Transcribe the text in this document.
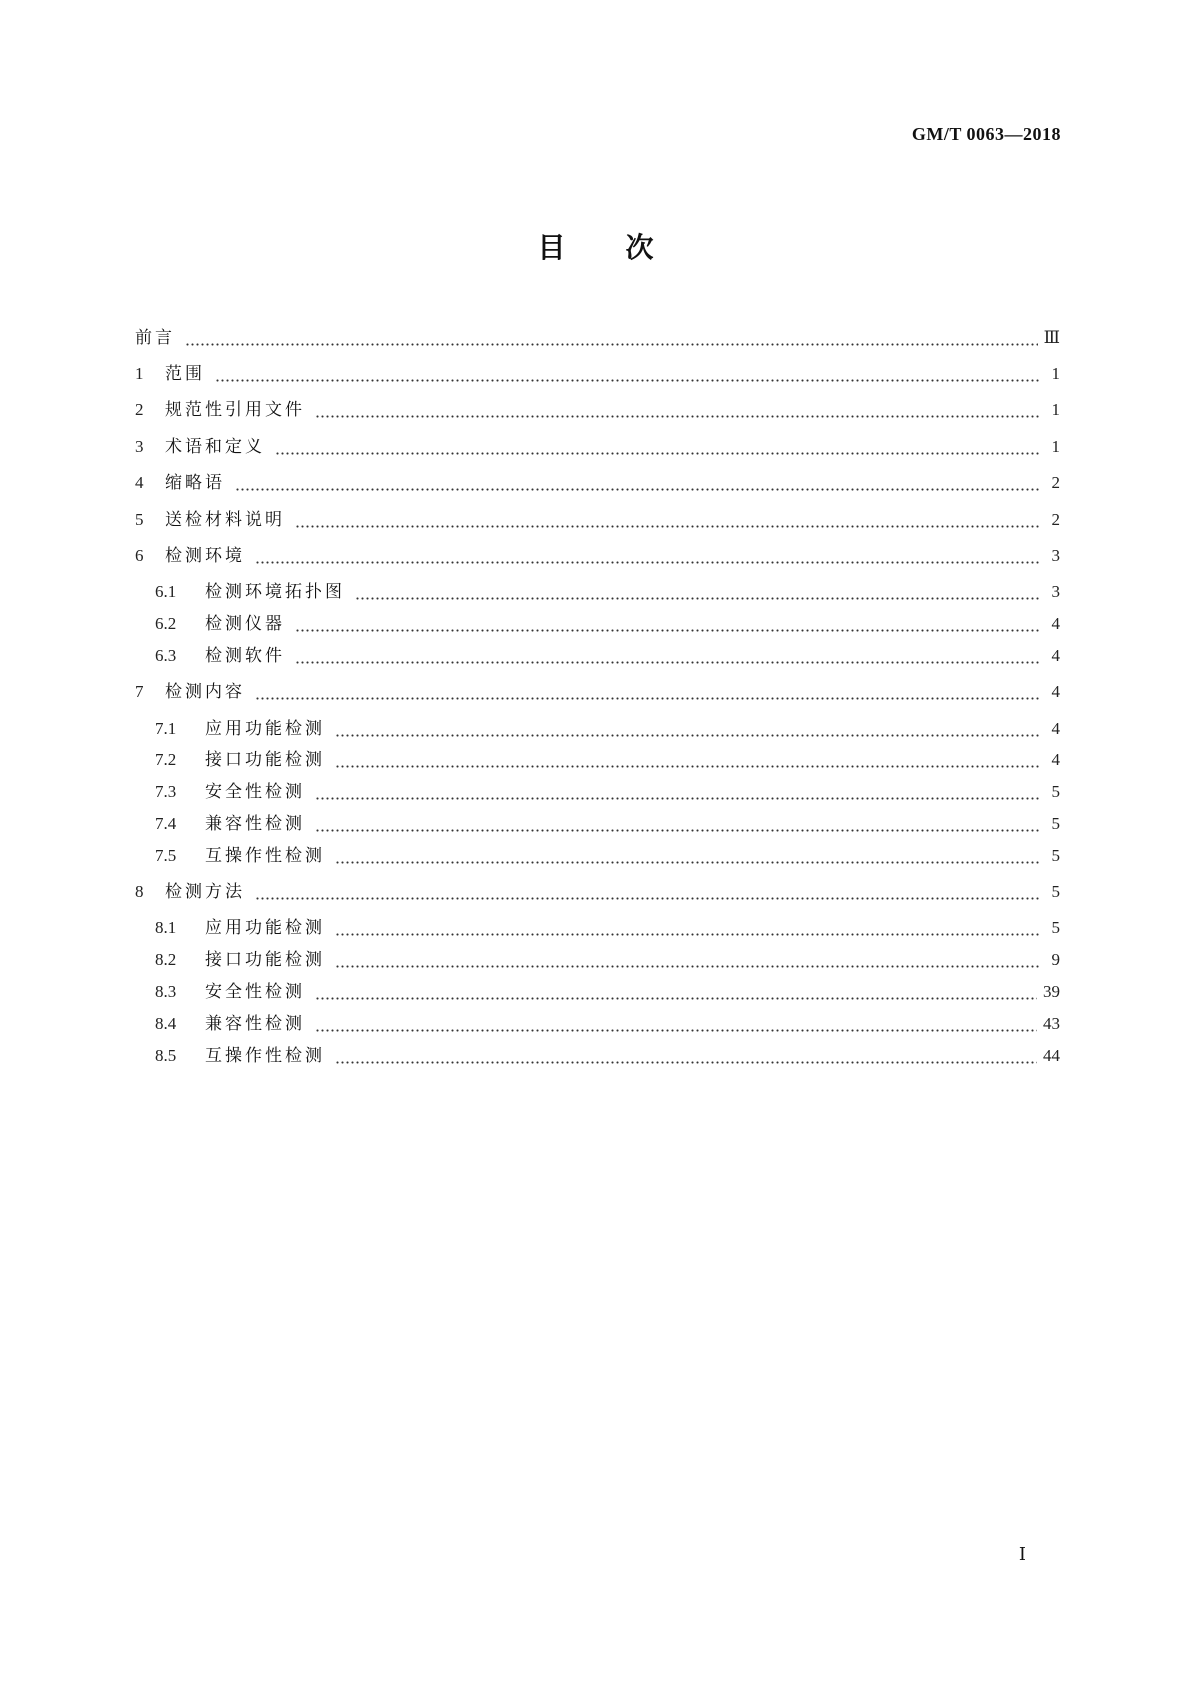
GM/T 0063—2018
目次
前言	Ⅲ
1	范围	1
2	规范性引用文件	1
3	术语和定义	1
4	缩略语	2
5	送检材料说明	2
6	检测环境	3
6.1	检测环境拓扑图	3
6.2	检测仪器	4
6.3	检测软件	4
7	检测内容	4
7.1	应用功能检测	4
7.2	接口功能检测	4
7.3	安全性检测	5
7.4	兼容性检测	5
7.5	互操作性检测	5
8	检测方法	5
8.1	应用功能检测	5
8.2	接口功能检测	9
8.3	安全性检测	39
8.4	兼容性检测	43
8.5	互操作性检测	44
Ⅰ
